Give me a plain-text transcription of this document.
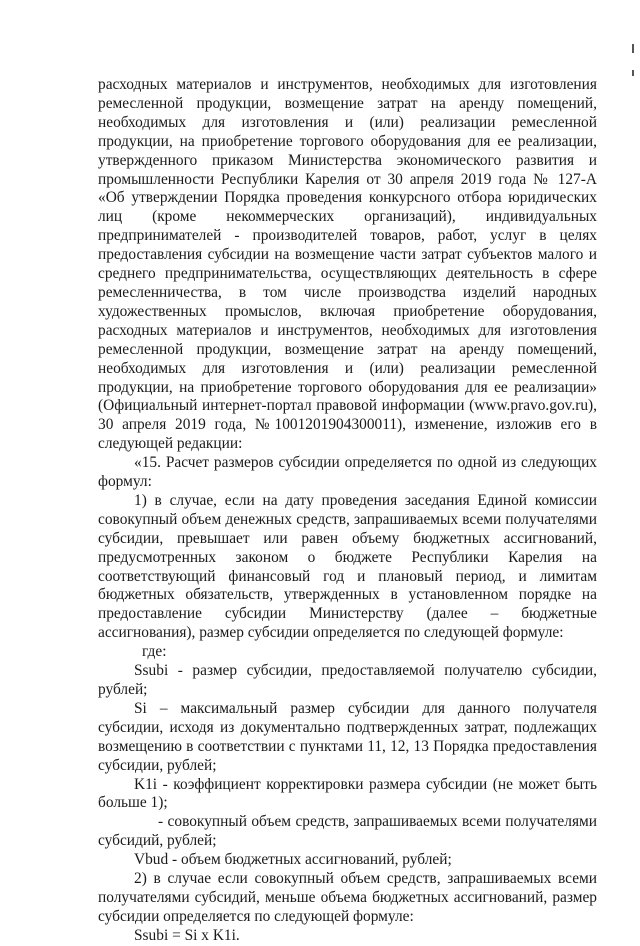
расходных материалов и инструментов, необходимых для изготовления ремесленной продукции, возмещение затрат на аренду помещений, необходимых для изготовления и (или) реализации ремесленной продукции, на приобретение торгового оборудования для ее реализации, утвержденного приказом Министерства экономического развития и промышленности Республики Карелия от 30 апреля 2019 года № 127-А «Об утверждении Порядка проведения конкурсного отбора юридических лиц (кроме некоммерческих организаций), индивидуальных предпринимателей - производителей товаров, работ, услуг в целях предоставления субсидии на возмещение части затрат субъектов малого и среднего предпринимательства, осуществляющих деятельность в сфере ремесленничества, в том числе производства изделий народных художественных промыслов, включая приобретение оборудования, расходных материалов и инструментов, необходимых для изготовления ремесленной продукции, возмещение затрат на аренду помещений, необходимых для изготовления и (или) реализации ремесленной продукции, на приобретение торгового оборудования для ее реализации» (Официальный интернет-портал правовой информации (www.pravo.gov.ru), 30 апреля 2019 года, №1001201904300011), изменение, изложив его в следующей редакции:

«15. Расчет размеров субсидии определяется по одной из следующих формул:

1) в случае, если на дату проведения заседания Единой комиссии совокупный объем денежных средств, запрашиваемых всеми получателями субсидии, превышает или равен объему бюджетных ассигнований, предусмотренных законом о бюджете Республики Карелия на соответствующий финансовый год и плановый период, и лимитам бюджетных обязательств, утвержденных в установленном порядке на предоставление субсидии Министерству (далее – бюджетные ассигнования), размер субсидии определяется по следующей формуле:

где:

Ssubi - размер субсидии, предоставляемой получателю субсидии, рублей;

Si – максимальный размер субсидии для данного получателя субсидии, исходя из документально подтвержденных затрат, подлежащих возмещению в соответствии с пунктами 11, 12, 13 Порядка предоставления субсидии, рублей;

K1i - коэффициент корректировки размера субсидии (не может быть больше 1);

- совокупный объем средств, запрашиваемых всеми получателями субсидий, рублей;

Vbud - объем бюджетных ассигнований, рублей;

2) в случае если совокупный объем средств, запрашиваемых всеми получателями субсидий, меньше объема бюджетных ассигнований, размер субсидии определяется по следующей формуле:

Ssubi = Si х K1i.
